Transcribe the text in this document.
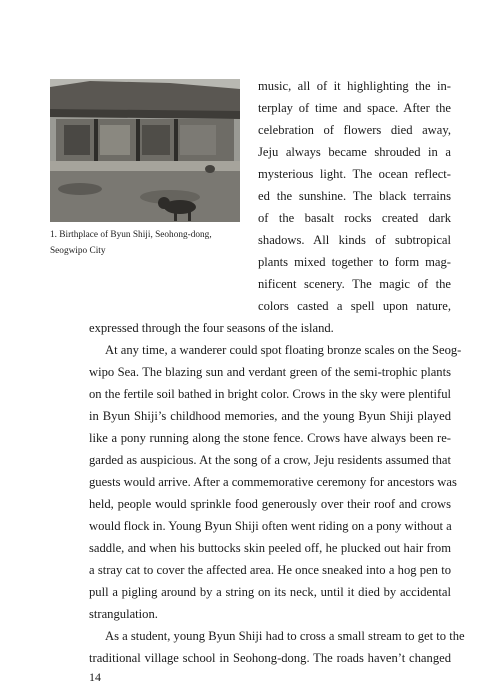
1. Birthplace of Byun Shiji, Seohong-dong, Seogwipo City
music, all of it highlighting the in-
terplay of time and space. After the
celebration of flowers died away,
Jeju always became shrouded in a
mysterious light. The ocean reflect-
ed the sunshine. The black terrains
of the basalt rocks created dark
shadows. All kinds of subtropical
plants mixed together to form mag-
nificent scenery. The magic of the
colors casted a spell upon nature,
expressed through the four seasons of the island.
At any time, a wanderer could spot floating bronze scales on the Seog-
wipo Sea. The blazing sun and verdant green of the semi-trophic plants
on the fertile soil bathed in bright color. Crows in the sky were plentiful
in Byun Shiji’s childhood memories, and the young Byun Shiji played
like a pony running along the stone fence. Crows have always been re-
garded as auspicious. At the song of a crow, Jeju residents assumed that
guests would arrive. After a commemorative ceremony for ancestors was
held, people would sprinkle food generously over their roof and crows
would flock in. Young Byun Shiji often went riding on a pony without a
saddle, and when his buttocks skin peeled off, he plucked out hair from
a stray cat to cover the affected area. He once sneaked into a hog pen to
pull a pigling around by a string on its neck, until it died by accidental
strangulation.
As a student, young Byun Shiji had to cross a small stream to get to the
traditional village school in Seohong-dong. The roads haven’t changed
14
